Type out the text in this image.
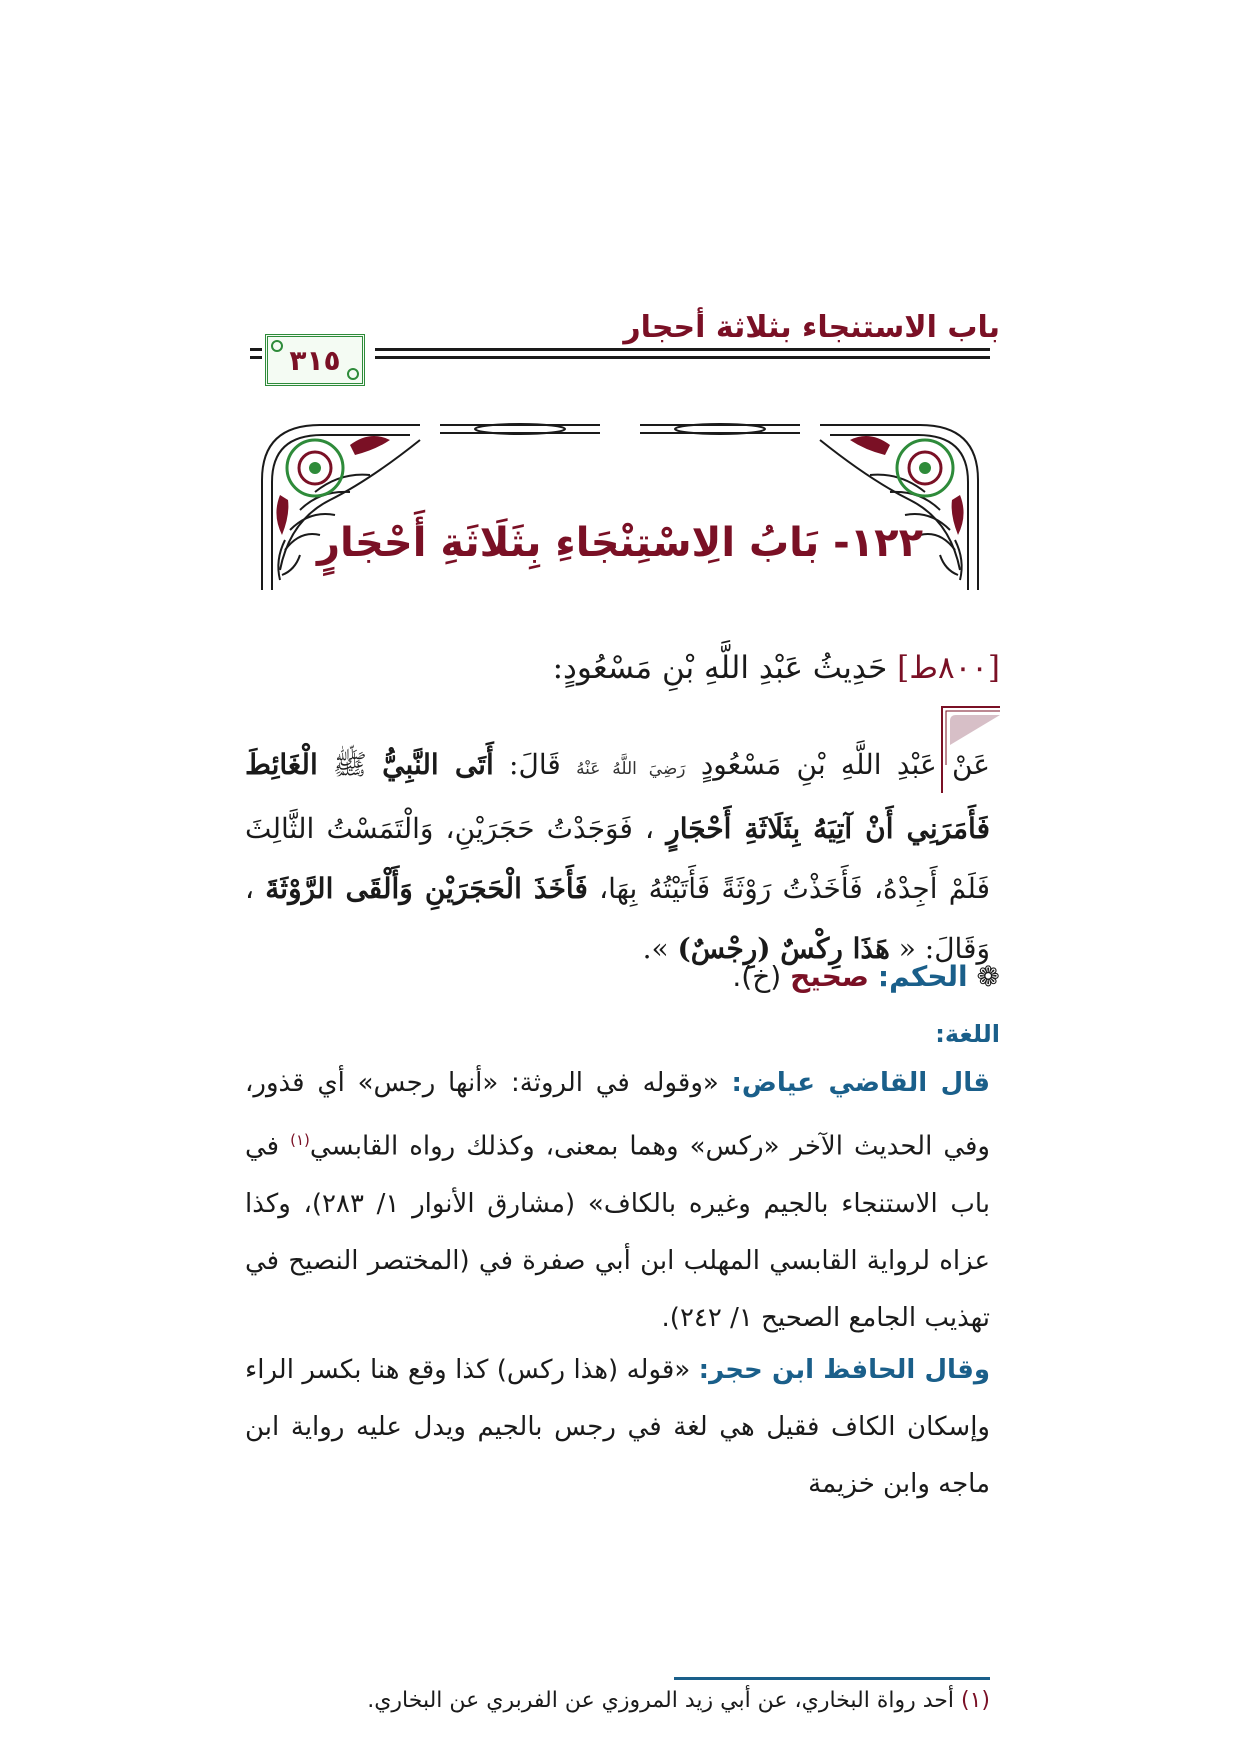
باب الاستنجاء بثلاثة أحجار
٣١٥
١٢٢- بَابُ الِاسْتِنْجَاءِ بِثَلَاثَةِ أَحْجَارٍ
[٨٠٠ط] حَدِيثُ عَبْدِ اللَّهِ بْنِ مَسْعُودٍ:
عَنْ عَبْدِ اللَّهِ بْنِ مَسْعُودٍ رَضِيَ اللَّهُ عَنْهُ قَالَ: أَتَى النَّبِيُّ ﷺ الْغَائِطَ فَأَمَرَنِي أَنْ آتِيَهُ بِثَلَاثَةِ أَحْجَارٍ ، فَوَجَدْتُ حَجَرَيْنِ، وَالْتَمَسْتُ الثَّالِثَ فَلَمْ أَجِدْهُ، فَأَخَذْتُ رَوْثَةً فَأَتَيْتُهُ بِهَا، فَأَخَذَ الْحَجَرَيْنِ وَأَلْقَى الرَّوْثَةَ ، وَقَالَ: « هَذَا رِكْسٌ (رِجْسٌ) ».
❁ الحكم: صحيح (خ).
اللغة:
قال القاضي عياض: «وقوله في الروثة: «أنها رجس» أي قذور، وفي الحديث الآخر «ركس» وهما بمعنى، وكذلك رواه القابسي$^{(١)}$ في باب الاستنجاء بالجيم وغيره بالكاف» (مشارق الأنوار ١/ ٢٨٣)، وكذا عزاه لرواية القابسي المهلب ابن أبي صفرة في (المختصر النصيح في تهذيب الجامع الصحيح ١/ ٢٤٢).
وقال الحافظ ابن حجر: «قوله (هذا ركس) كذا وقع هنا بكسر الراء وإسكان الكاف فقيل هي لغة في رجس بالجيم ويدل عليه رواية ابن ماجه وابن خزيمة
(١) أحد رواة البخاري، عن أبي زيد المروزي عن الفربري عن البخاري.
